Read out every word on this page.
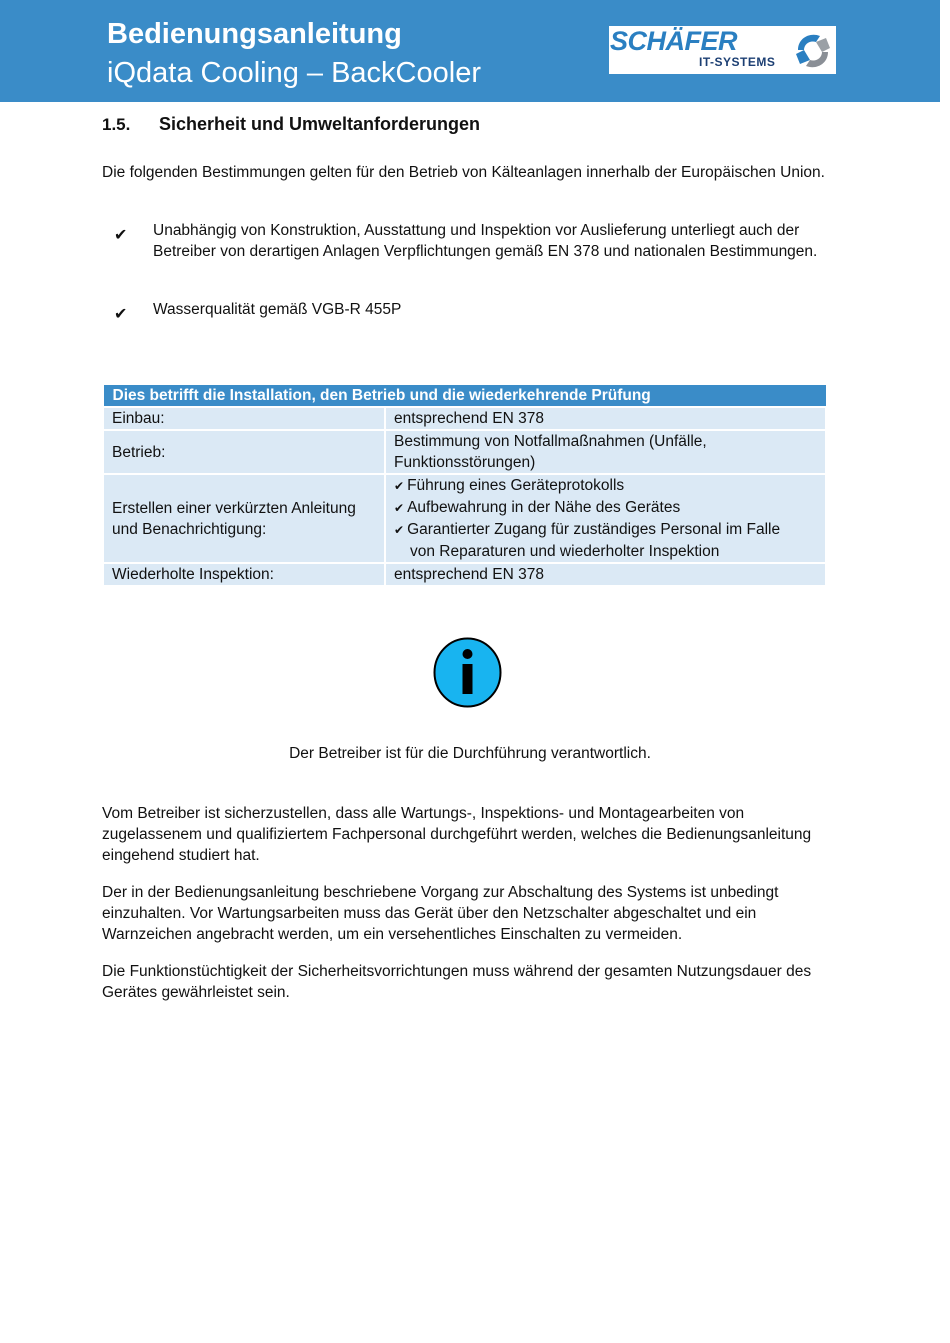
Bedienungsanleitung
iQdata Cooling – BackCooler
SCHÄFER
IT-SYSTEMS
1.5. Sicherheit und Umweltanforderungen

Die folgenden Bestimmungen gelten für den Betrieb von Kälteanlagen innerhalb der Europäischen Union.

✔ Unabhängig von Konstruktion, Ausstattung und Inspektion vor Auslieferung unterliegt auch der Betreiber von derartigen Anlagen Verpflichtungen gemäß EN 378 und nationalen Bestimmungen.
✔ Wasserqualität gemäß VGB-R 455P
Dies betrifft die Installation, den Betrieb und die wiederkehrende Prüfung	
Einbau:	entsprechend EN 378
Betrieb:	Bestimmung von Notfallmaßnahmen (Unfälle, Funktionsstörungen)
Erstellen einer verkürzten Anleitung und Benachrichtigung:	✔ Führung eines Geräteprotokolls
✔ Aufbewahrung in der Nähe des Gerätes
✔ Garantierter Zugang für zuständiges Personal im Falle
von Reparaturen und wiederholter Inspektion

Wiederholte Inspektion:	entsprechend EN 378
Der Betreiber ist für die Durchführung verantwortlich.

Vom Betreiber ist sicherzustellen, dass alle Wartungs-, Inspektions- und Montagearbeiten von zugelassenem und qualifiziertem Fachpersonal durchgeführt werden, welches die Bedienungsanleitung eingehend studiert hat.

Der in der Bedienungsanleitung beschriebene Vorgang zur Abschaltung des Systems ist unbedingt einzuhalten. Vor Wartungsarbeiten muss das Gerät über den Netzschalter abgeschaltet und ein Warnzeichen angebracht werden, um ein versehentliches Einschalten zu vermeiden.

Die Funktionstüchtigkeit der Sicherheitsvorrichtungen muss während der gesamten Nutzungsdauer des Gerätes gewährleistet sein.
